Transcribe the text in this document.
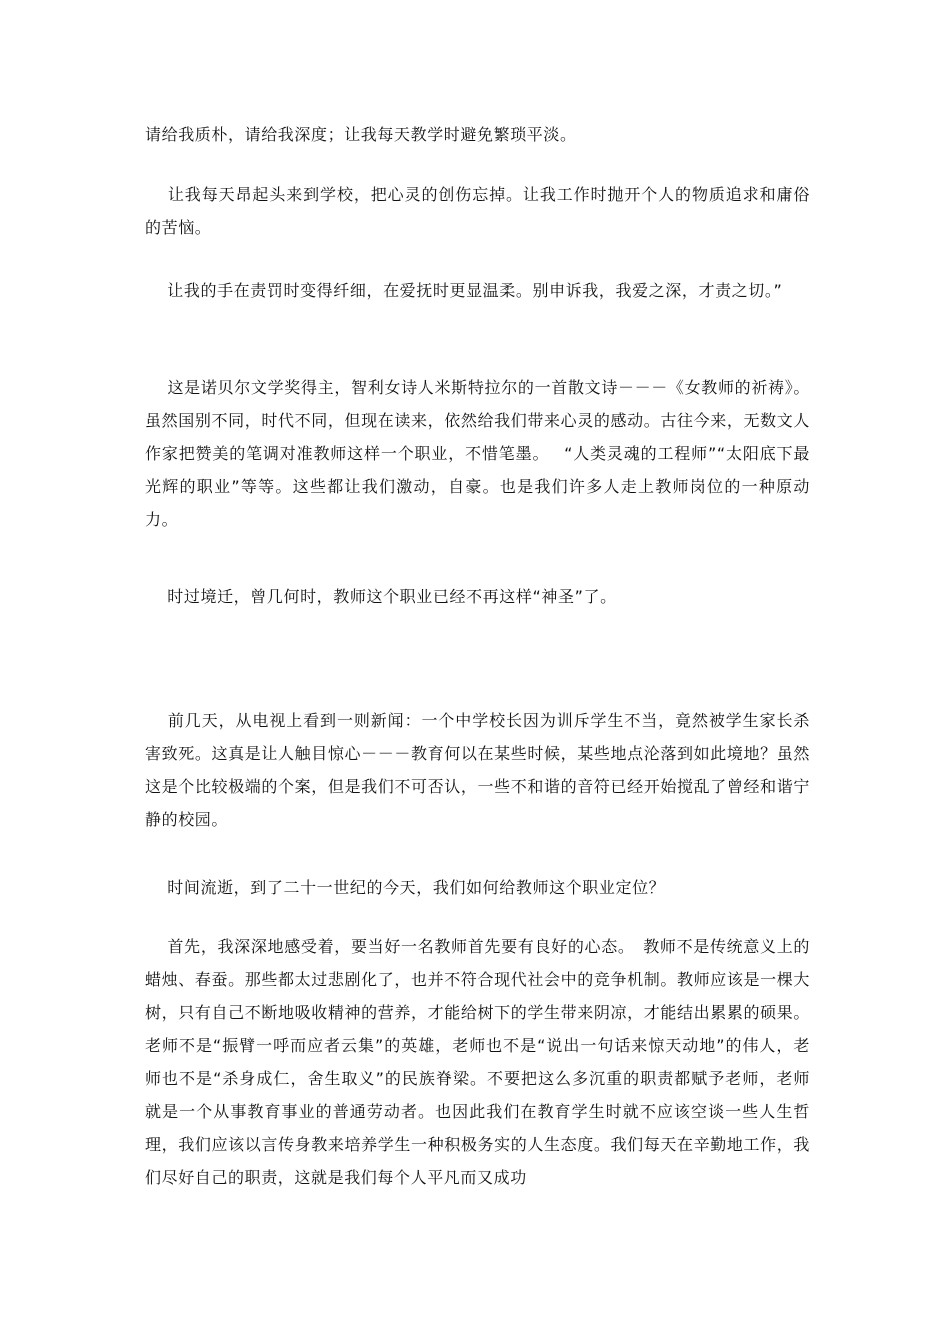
请给我质朴，请给我深度；让我每天教学时避免繁琐平淡。

　 让我每天昂起头来到学校，把心灵的创伤忘掉。让我工作时抛开个人的物质追求和庸俗的苦恼。

　 让我的手在责罚时变得纤细，在爱抚时更显温柔。别申诉我，我爱之深，才责之切。”

　 这是诺贝尔文学奖得主，智利女诗人米斯特拉尔的一首散文诗－－－《女教师的祈祷》。虽然国别不同，时代不同，但现在读来，依然给我们带来心灵的感动。古往今来，无数文人作家把赞美的笔调对准教师这样一个职业，不惜笔墨。　 “人类灵魂的工程师”“太阳底下最光辉的职业”等等。这些都让我们激动，自豪。也是我们许多人走上教师岗位的一种原动力。

　 时过境迁，曾几何时，教师这个职业已经不再这样“神圣”了。

　 前几天，从电视上看到一则新闻：一个中学校长因为训斥学生不当，竟然被学生家长杀害致死。这真是让人触目惊心－－－教育何以在某些时候，某些地点沦落到如此境地？虽然这是个比较极端的个案，但是我们不可否认，一些不和谐的音符已经开始搅乱了曾经和谐宁静的校园。

　 时间流逝，到了二十一世纪的今天，我们如何给教师这个职业定位？

　 首先，我深深地感受着，要当好一名教师首先要有良好的心态。　教师不是传统意义上的蜡烛、春蚕。那些都太过悲剧化了，也并不符合现代社会中的竞争机制。教师应该是一棵大树，只有自己不断地吸收精神的营养，才能给树下的学生带来阴凉，才能结出累累的硕果。老师不是“振臂一呼而应者云集”的英雄，老师也不是“说出一句话来惊天动地”的伟人，老师也不是“杀身成仁，舍生取义”的民族脊梁。不要把这么多沉重的职责都赋予老师，老师就是一个从事教育事业的普通劳动者。也因此我们在教育学生时就不应该空谈一些人生哲理，我们应该以言传身教来培养学生一种积极务实的人生态度。我们每天在辛勤地工作，我们尽好自己的职责，这就是我们每个人平凡而又成功
